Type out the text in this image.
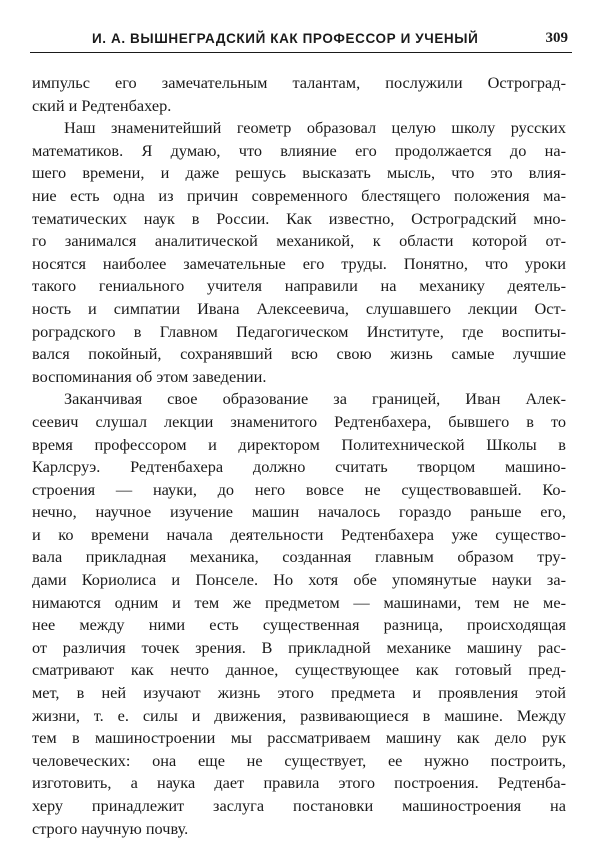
И. А. ВЫШНЕГРАДСКИЙ КАК ПРОФЕССОР И УЧЕНЫЙ	309
импульс его замечательным талантам, послужили Остроград-
ский и Редтенбахер.
Наш знаменитейший геометр образовал целую школу русских
математиков. Я думаю, что влияние его продолжается до на-
шего времени, и даже решусь высказать мысль, что это влия-
ние есть одна из причин современного блестящего положения ма-
тематических наук в России. Как известно, Остроградский мно-
го занимался аналитической механикой, к области которой от-
носятся наиболее замечательные его труды. Понятно, что уроки
такого гениального учителя направили на механику деятель-
ность и симпатии Ивана Алексеевича, слушавшего лекции Ост-
роградского в Главном Педагогическом Институте, где воспиты-
вался покойный, сохранявший всю свою жизнь самые лучшие
воспоминания об этом заведении.
Заканчивая свое образование за границей, Иван Алек-
сеевич слушал лекции знаменитого Редтенбахера, бывшего в то
время профессором и директором Политехнической Школы в
Карлсруэ. Редтенбахера должно считать творцом машино-
строения — науки, до него вовсе не существовавшей. Ко-
нечно, научное изучение машин началось гораздо раньше его,
и ко времени начала деятельности Редтенбахера уже существо-
вала прикладная механика, созданная главным образом тру-
дами Кориолиса и Понселе. Но хотя обе упомянутые науки за-
нимаются одним и тем же предметом — машинами, тем не ме-
нее между ними есть существенная разница, происходящая
от различия точек зрения. В прикладной механике машину рас-
сматривают как нечто данное, существующее как готовый пред-
мет, в ней изучают жизнь этого предмета и проявления этой
жизни, т. е. силы и движения, развивающиеся в машине. Между
тем в машиностроении мы рассматриваем машину как дело рук
человеческих: она еще не существует, ее нужно построить,
изготовить, а наука дает правила этого построения. Редтенба-
херу принадлежит заслуга постановки машиностроения на
строго научную почву.
